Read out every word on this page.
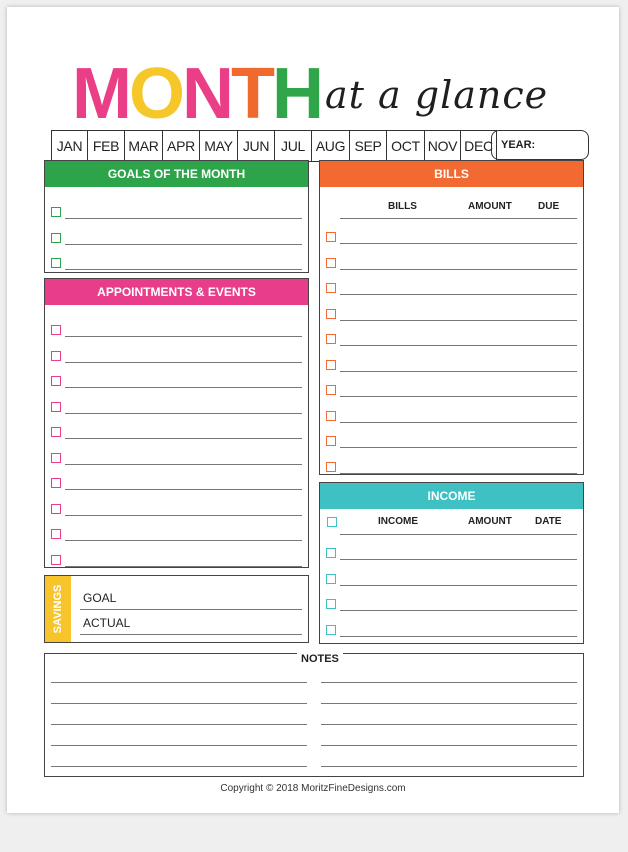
MONTH at a glance
JAN FEB MAR APR MAY JUN JUL AUG SEP OCT NOV DEC YEAR:
GOALS OF THE MONTH
APPOINTMENTS & EVENTS
SAVINGS GOAL
ACTUAL
BILLS
BILLS	AMOUNT	DUE
INCOME
INCOME	AMOUNT DATE
NOTES
Copyright © 2018 MoritzFineDesigns.com
